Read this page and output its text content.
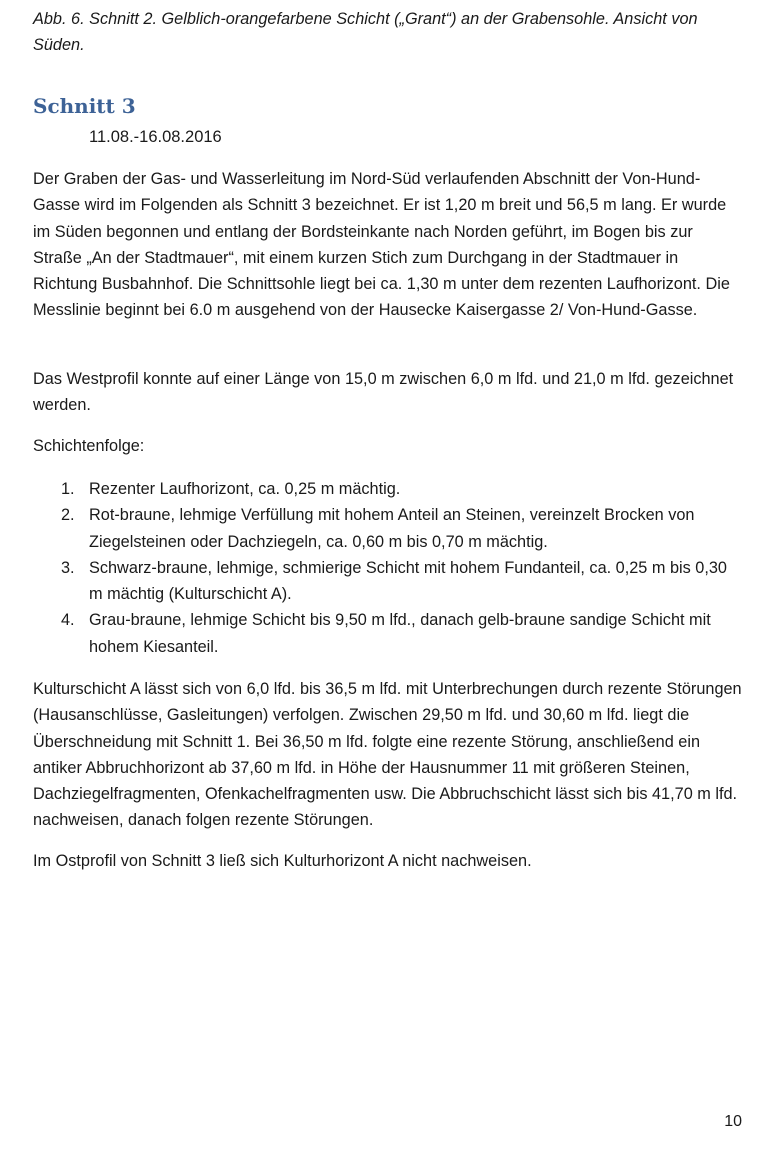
Abb. 6. Schnitt 2. Gelblich-orangefarbene Schicht („Grant“) an der Grabensohle. Ansicht von Süden.

Schnitt 3

11.08.-16.08.2016

Der Graben der Gas- und Wasserleitung im Nord-Süd verlaufenden Abschnitt der Von-Hund-Gasse wird im Folgenden als Schnitt 3 bezeichnet. Er ist 1,20 m breit und 56,5 m lang. Er wurde im Süden begonnen und entlang der Bordsteinkante nach Norden geführt, im Bogen bis zur Straße „An der Stadtmauer“, mit einem kurzen Stich zum Durchgang in der Stadtmauer in Richtung Busbahnhof. Die Schnittsohle liegt bei ca. 1,30 m unter dem rezenten Laufhorizont. Die Messlinie beginnt bei 6.0 m ausgehend von der Hausecke Kaisergasse 2/ Von-Hund-Gasse.

Das Westprofil konnte auf einer Länge von 15,0 m zwischen 6,0 m lfd. und 21,0 m lfd. gezeichnet werden.

Schichtenfolge:

1. Rezenter Laufhorizont, ca. 0,25 m mächtig.
2. Rot-braune, lehmige Verfüllung mit hohem Anteil an Steinen, vereinzelt Brocken von Ziegelsteinen oder Dachziegeln, ca. 0,60 m bis 0,70 m mächtig.
3. Schwarz-braune, lehmige, schmierige Schicht mit hohem Fundanteil, ca. 0,25 m bis 0,30 m mächtig (Kulturschicht A).
4. Grau-braune, lehmige Schicht bis 9,50 m lfd., danach gelb-braune sandige Schicht mit hohem Kiesanteil.

Kulturschicht A lässt sich von 6,0 lfd. bis 36,5 m lfd. mit Unterbrechungen durch rezente Störungen (Hausanschlüsse, Gasleitungen) verfolgen. Zwischen 29,50 m lfd. und 30,60 m lfd. liegt die Überschneidung mit Schnitt 1. Bei 36,50 m lfd. folgte eine rezente Störung, anschließend ein antiker Abbruchhorizont ab 37,60 m lfd. in Höhe der Hausnummer 11 mit größeren Steinen, Dachziegelfragmenten, Ofenkachelfragmenten usw. Die Abbruchschicht lässt sich bis 41,70 m lfd. nachweisen, danach folgen rezente Störungen.

Im Ostprofil von Schnitt 3 ließ sich Kulturhorizont A nicht nachweisen.

10
